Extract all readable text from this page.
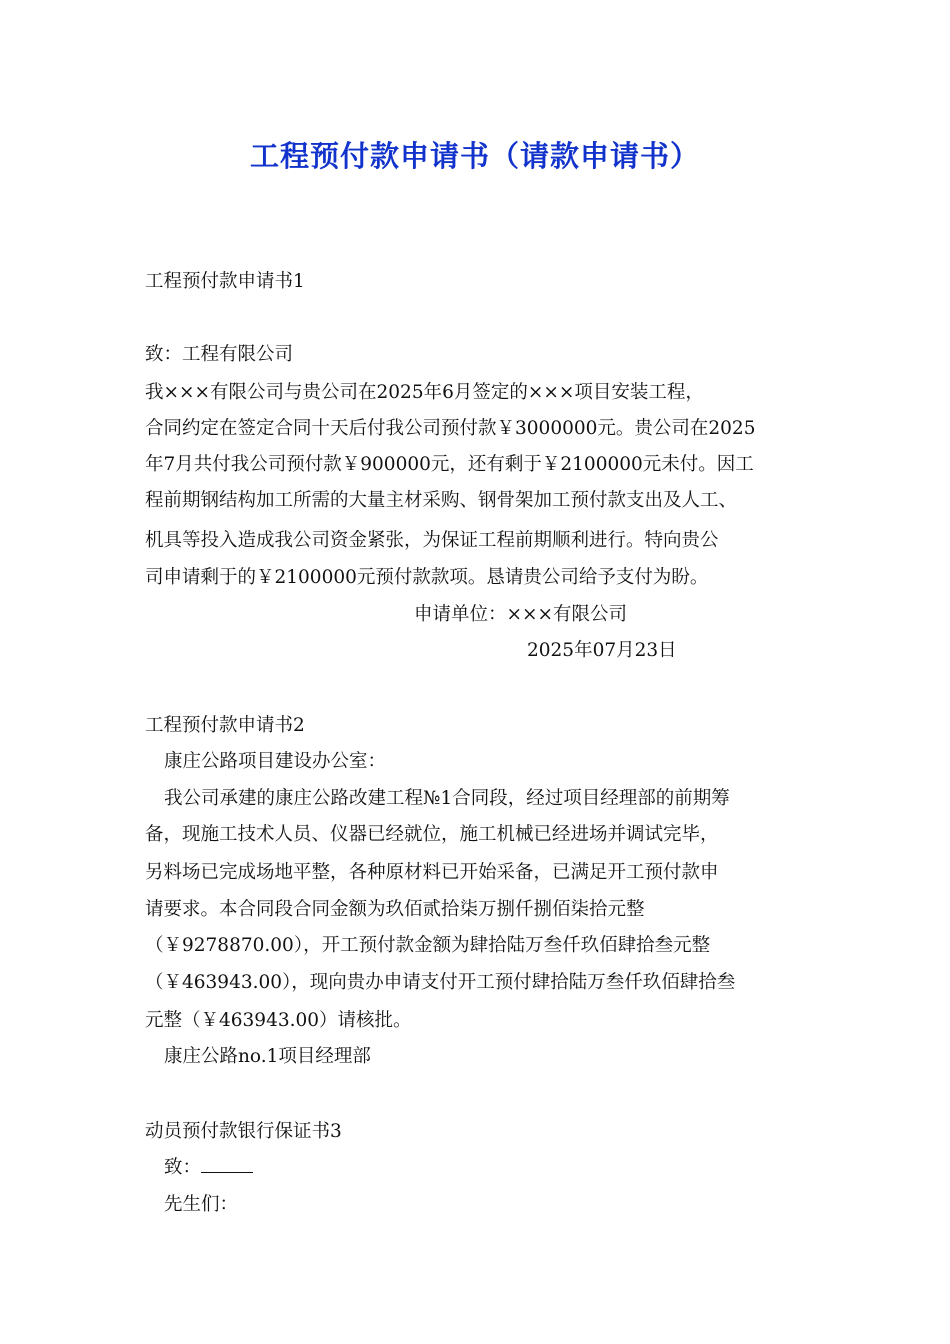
工程预付款申请书（请款申请书）
工程预付款申请书1
致：工程有限公司
我×××有限公司与贵公司在2025年6月签定的×××项目安装工程，
合同约定在签定合同十天后付我公司预付款￥3000000元。贵公司在2025
年7月共付我公司预付款￥900000元，还有剩于￥2100000元未付。因工
程前期钢结构加工所需的大量主材采购、钢骨架加工预付款支出及人工、
机具等投入造成我公司资金紧张，为保证工程前期顺利进行。特向贵公
司申请剩于的￥2100000元预付款款项。恳请贵公司给予支付为盼。
申请单位：×××有限公司
2025年07月23日
工程预付款申请书2
康庄公路项目建设办公室：
我公司承建的康庄公路改建工程№1合同段，经过项目经理部的前期筹
备，现施工技术人员、仪器已经就位，施工机械已经进场并调试完毕，
另料场已完成场地平整，各种原材料已开始采备，已满足开工预付款申
请要求。本合同段合同金额为玖佰贰拾柒万捌仟捌佰柒拾元整
（￥9278870.00），开工预付款金额为肆拾陆万叁仟玖佰肆拾叁元整
（￥463943.00），现向贵办申请支付开工预付肆拾陆万叁仟玖佰肆拾叁
元整（￥463943.00）请核批。
康庄公路no.1项目经理部
动员预付款银行保证书3
致：
先生们：
